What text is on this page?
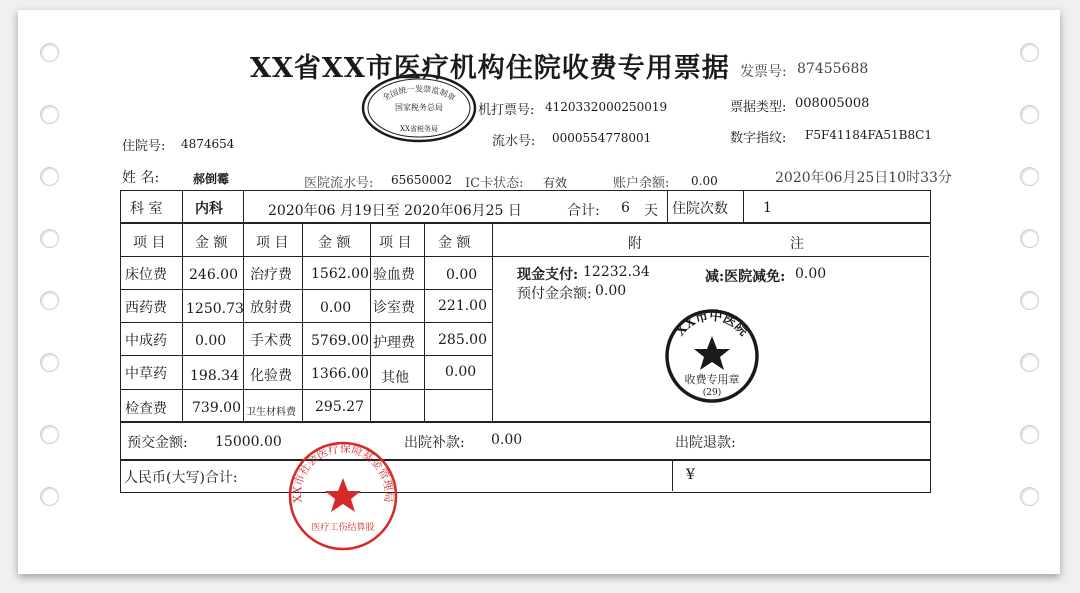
XX省XX市医疗机构住院收费专用票据 发票号: 87455688
机打票号: 4120332000250019	票据类型: 008005008
流水号: 0000554778001	数字指纹: F5F41184FA51B8C1
住院号: 4874654
姓 名:	郝倒霉	医院流水号: 65650002 IC卡状态: 有效	账户余额: 0.00	2020年06月25日10时33分
科 室 内科	2020年06 月19日至 2020年06月25 日	合计: 6 天 住院次数	1
项 目 金 额 项 目 金 额 项 目 金 额	附	注
床位费 246.00 治疗费 1562.00 验血费 0.00
西药费 1250.73 放射费 0.00 诊室费 221.00
中成药 0.00 手术费 5769.00 护理费 285.00
中草药 198.34 化验费 1366.00 其他	0.00
检查费 739.00 卫生材料费 295.27
现金支付: 12232.34	减:医院减免: 0.00
预付金余额: 0.00
预交金额: 15000.00	出院补款: 0.00	出院退款:
人民币(大写)合计:	¥
全国统一发票监制章
国家税务总局
XX省税务局
XX市中医院
收费专用章
(29)
XX市社会医疗保险基金管理局
医疗工伤结算股
